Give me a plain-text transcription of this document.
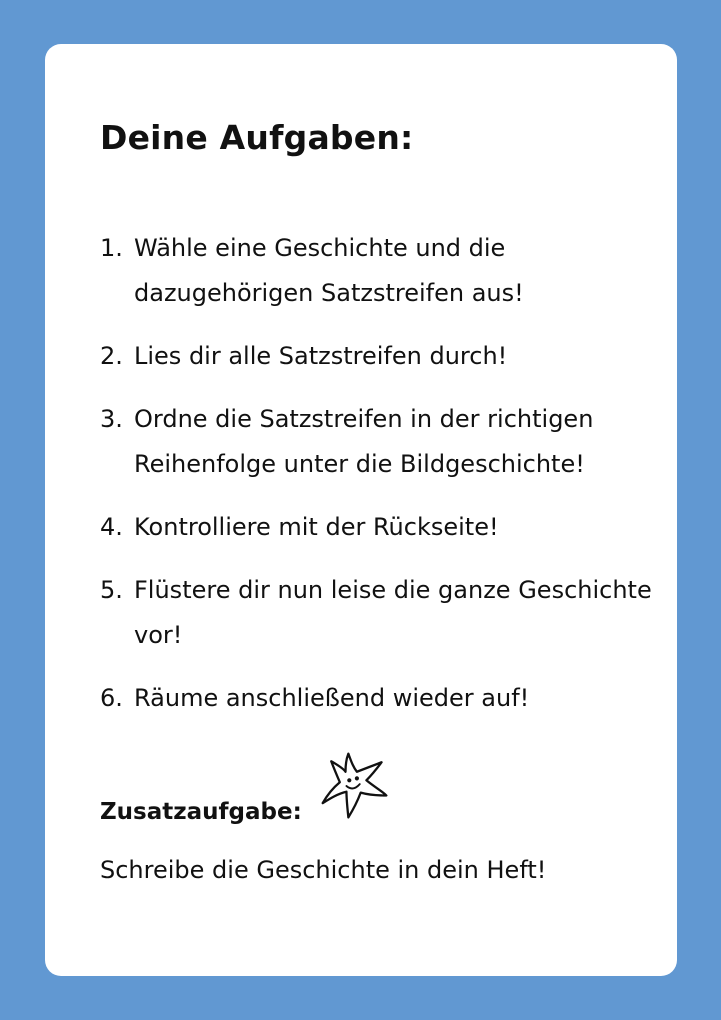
Deine Aufgaben:
1. Wähle eine Geschichte und die dazugehörigen Satzstreifen aus!
2. Lies dir alle Satzstreifen durch!
3. Ordne die Satzstreifen in der richtigen Reihenfolge unter die Bildgeschichte!
4. Kontrolliere mit der Rückseite!
5. Flüstere dir nun leise die ganze Geschichte vor!
6. Räume anschließend wieder auf!
Zusatzaufgabe:
Schreibe die Geschichte in dein Heft!
